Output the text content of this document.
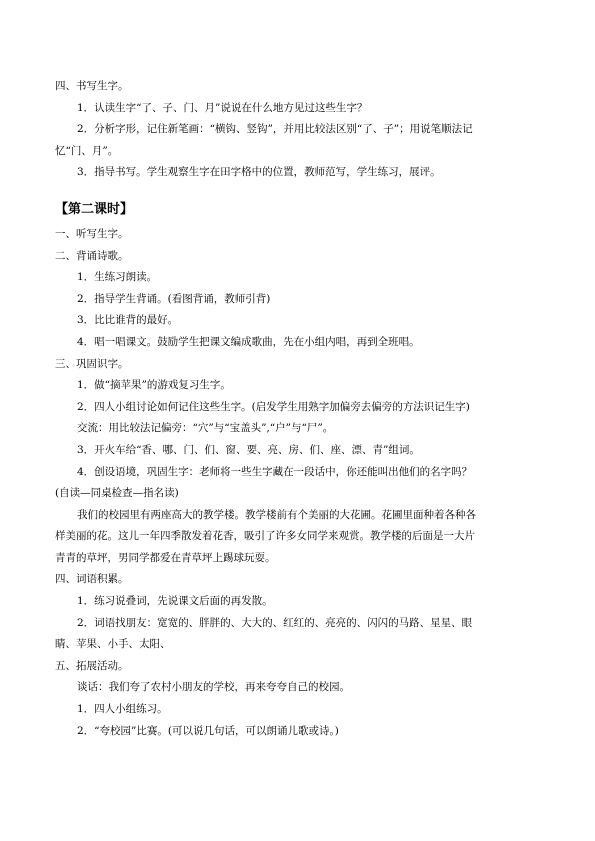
四、书写生字。
1．认读生字“了、子、门、月”说说在什么地方见过这些生字？
2．分析字形，记住新笔画：“横钩、竖钩”，并用比较法区别“了、子”；用说笔顺法记
忆“门、月”。
3．指导书写。学生观察生字在田字格中的位置，教师范写，学生练习，展评。
【第二课时】
一、听写生字。
二、背诵诗歌。
1．生练习朗读。
2．指导学生背诵。(看图背诵，教师引背)
3．比比谁背的最好。
4．唱一唱课文。鼓励学生把课文编成歌曲，先在小组内唱，再到全班唱。
三、巩固识字。
1．做“摘苹果”的游戏复习生字。
2．四人小组讨论如何记住这些生字。(启发学生用熟字加偏旁去偏旁的方法识记生字)
交流：用比较法记偏旁：“穴”与“宝盖头”,“户”与“尸”。
3．开火车给“香、哪、门、们、窗、要、亮、房、们、座、漂、青”组词。
4．创设语境，巩固生字：老师将一些生字藏在一段话中，你还能叫出他们的名字吗？
(自读—同桌检查—指名读)
我们的校园里有两座高大的教学楼。教学楼前有个美丽的大花圃。花圃里面种着各种各
样美丽的花。这儿一年四季散发着花香，吸引了许多女同学来观赏。教学楼的后面是一大片
青青的草坪，男同学都爱在青草坪上踢球玩耍。
四、词语积累。
1．练习说叠词，先说课文后面的再发散。
2．词语找朋友：宽宽的、胖胖的、大大的、红红的、亮亮的、闪闪的马路、星星、眼
睛、苹果、小手、太阳、
五、拓展活动。
谈话：我们夸了农村小朋友的学校，再来夸夸自己的校园。
1．四人小组练习。
2．“夸校园”比赛。(可以说几句话，可以朗诵儿歌或诗。)
